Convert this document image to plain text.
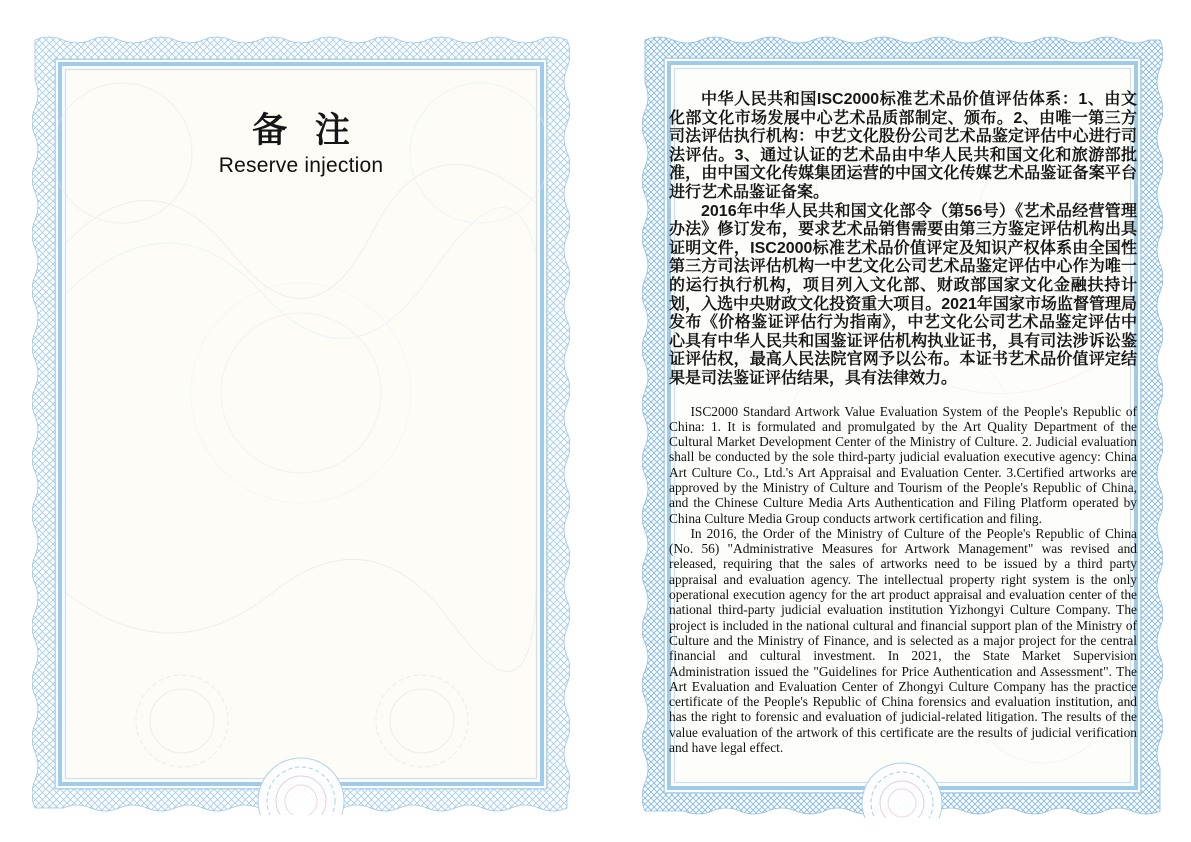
备 注
Reserve injection

中华人民共和国ISC2000标准艺术品价值评估体系：1、由文化部文化市场发展中心艺术品质部制定、颁布。2、由唯一第三方司法评估执行机构：中艺文化股份公司艺术品鉴定评估中心进行司法评估。3、通过认证的艺术品由中华人民共和国文化和旅游部批准，由中国文化传媒集团运营的中国文化传媒艺术品鉴证备案平台进行艺术品鉴证备案。

2016年中华人民共和国文化部令（第56号）《艺术品经营管理办法》修订发布，要求艺术品销售需要由第三方鉴定评估机构出具证明文件，ISC2000标准艺术品价值评定及知识产权体系由全国性第三方司法评估机构一中艺文化公司艺术品鉴定评估中心作为唯一的运行执行机构，项目列入文化部、财政部国家文化金融扶持计划，入选中央财政文化投资重大项目。2021年国家市场监督管理局发布《价格鉴证评估行为指南》，中艺文化公司艺术品鉴定评估中心具有中华人民共和国鉴证评估机构执业证书，具有司法涉诉讼鉴证评估权，最高人民法院官网予以公布。本证书艺术品价值评定结果是司法鉴证评估结果，具有法律效力。

ISC2000 Standard Artwork Value Evaluation System of the People's Republic of China: 1. It is formulated and promulgated by the Art Quality Department of the Cultural Market Development Center of the Ministry of Culture. 2. Judicial evaluation shall be conducted by the sole third-party judicial evaluation executive agency: China Art Culture Co., Ltd.'s Art Appraisal and Evaluation Center. 3.Certified artworks are approved by the Ministry of Culture and Tourism of the People's Republic of China, and the Chinese Culture Media Arts Authentication and Filing Platform operated by China Culture Media Group conducts artwork certification and filing.

In 2016, the Order of the Ministry of Culture of the People's Republic of China (No. 56) "Administrative Measures for Artwork Management" was revised and released, requiring that the sales of artworks need to be issued by a third party appraisal and evaluation agency. The intellectual property right system is the only operational execution agency for the art product appraisal and evaluation center of the national third-party judicial evaluation institution Yizhongyi Culture Company. The project is included in the national cultural and financial support plan of the Ministry of Culture and the Ministry of Finance, and is selected as a major project for the central financial and cultural investment. In 2021, the State Market Supervision Administration issued the "Guidelines for Price Authentication and Assessment". The Art Evaluation and Evaluation Center of Zhongyi Culture Company has the practice certificate of the People's Republic of China forensics and evaluation institution, and has the right to forensic and evaluation of judicial-related litigation. The results of the value evaluation of the artwork of this certificate are the results of judicial verification and have legal effect.
